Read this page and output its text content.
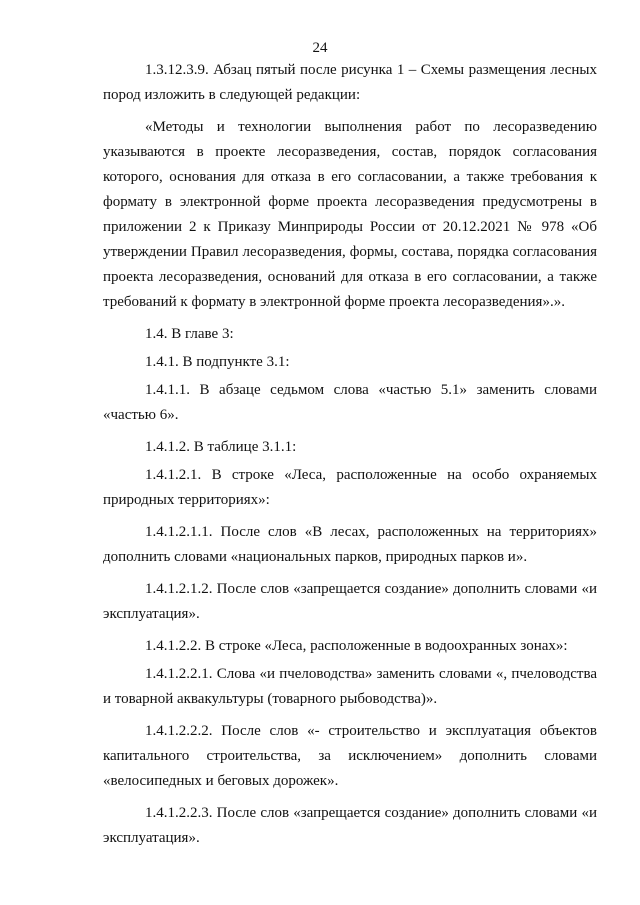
24

1.3.12.3.9. Абзац пятый после рисунка 1 – Схемы размещения лесных пород изложить в следующей редакции:

«Методы и технологии выполнения работ по лесоразведению указываются в проекте лесоразведения, состав, порядок согласования которого, основания для отказа в его согласовании, а также требования к формату в электронной форме проекта лесоразведения предусмотрены в приложении 2 к Приказу Минприроды России от 20.12.2021 № 978 «Об утверждении Правил лесоразведения, формы, состава, порядка согласования проекта лесоразведения, оснований для отказа в его согласовании, а также требований к формату в электронной форме проекта лесоразведения».».

1.4. В главе 3:

1.4.1. В подпункте 3.1:

1.4.1.1. В абзаце седьмом слова «частью 5.1» заменить словами «частью 6».

1.4.1.2. В таблице 3.1.1:

1.4.1.2.1. В строке «Леса, расположенные на особо охраняемых природных территориях»:

1.4.1.2.1.1. После слов «В лесах, расположенных на территориях» дополнить словами «национальных парков, природных парков и».

1.4.1.2.1.2. После слов «запрещается создание» дополнить словами «и эксплуатация».

1.4.1.2.2. В строке «Леса, расположенные в водоохранных зонах»:

1.4.1.2.2.1. Слова «и пчеловодства» заменить словами «, пчеловодства и товарной аквакультуры (товарного рыбоводства)».

1.4.1.2.2.2. После слов «- строительство и эксплуатация объектов капитального строительства, за исключением» дополнить словами «велосипедных и беговых дорожек».

1.4.1.2.2.3. После слов «запрещается создание» дополнить словами «и эксплуатация».
